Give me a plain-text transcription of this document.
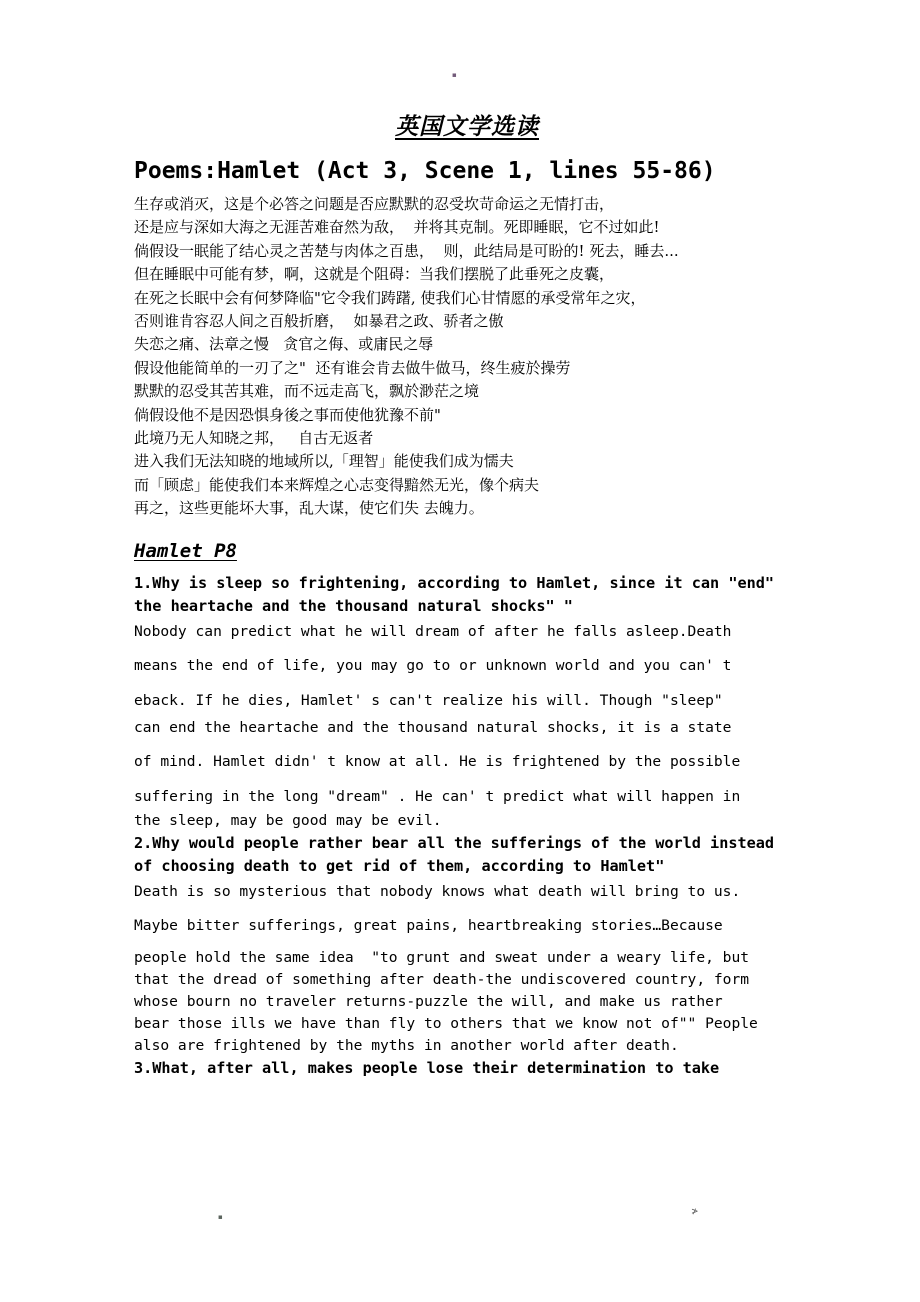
▪
英国文学选读
Poems:Hamlet (Act 3, Scene 1, lines 55-86)
生存或消灭，这是个必答之问题是否应默默的忍受坎苛命运之无情打击，
还是应与深如大海之无涯苦难奋然为敌，  并将其克制。死即睡眠，它不过如此!
倘假设一眠能了结心灵之苦楚与肉体之百患，  则，此结局是可盼的! 死去，睡去...
但在睡眠中可能有梦，啊，这就是个阻碍：当我们摆脱了此垂死之皮囊，
在死之长眠中会有何梦降临"它令我们踌躇, 使我们心甘情愿的承受常年之灾，
否则谁肯容忍人间之百般折磨，  如暴君之政、骄者之傲
失恋之痛、法章之慢   贪官之侮、或庸民之辱
假设他能简单的一刃了之"  还有谁会肯去做牛做马，终生疲於操劳
默默的忍受其苦其难，而不远走高飞，飘於渺茫之境
倘假设他不是因恐惧身後之事而使他犹豫不前"
此境乃无人知晓之邦，   自古无返者
进入我们无法知晓的地域所以,「理智」能使我们成为懦夫
而「顾虑」能使我们本来辉煌之心志变得黯然无光，像个病夫
再之，这些更能坏大事，乱大谋，使它们失 去魄力。
Hamlet P8
1.Why is sleep so frightening, according to Hamlet, since it can "end"
the heartache and the thousand natural shocks" "
Nobody can predict what he will dream of after he falls asleep.Death
means the end of life, you may go to or unknown world and you can' t
eback. If he dies, Hamlet' s can't realize his will. Though "sleep"
can end the heartache and the thousand natural shocks, it is a state
of mind. Hamlet didn' t know at all. He is frightened by the possible
suffering in the long "dream" . He can' t predict what will happen in
the sleep, may be good may be evil.
2.Why would people rather bear all the sufferings of the world instead
of choosing death to get rid of them, according to Hamlet"
Death is so mysterious that nobody knows what death will bring to us.
Maybe bitter sufferings, great pains, heartbreaking stories…Because
people hold the same idea  "to grunt and sweat under a weary life, but
that the dread of something after death-the undiscovered country, form
whose bourn no traveler returns-puzzle the will, and make us rather
bear those ills we have than fly to others that we know not of"" People
also are frightened by the myths in another world after death.
3.What, after all, makes people lose their determination to take
▪	≯
